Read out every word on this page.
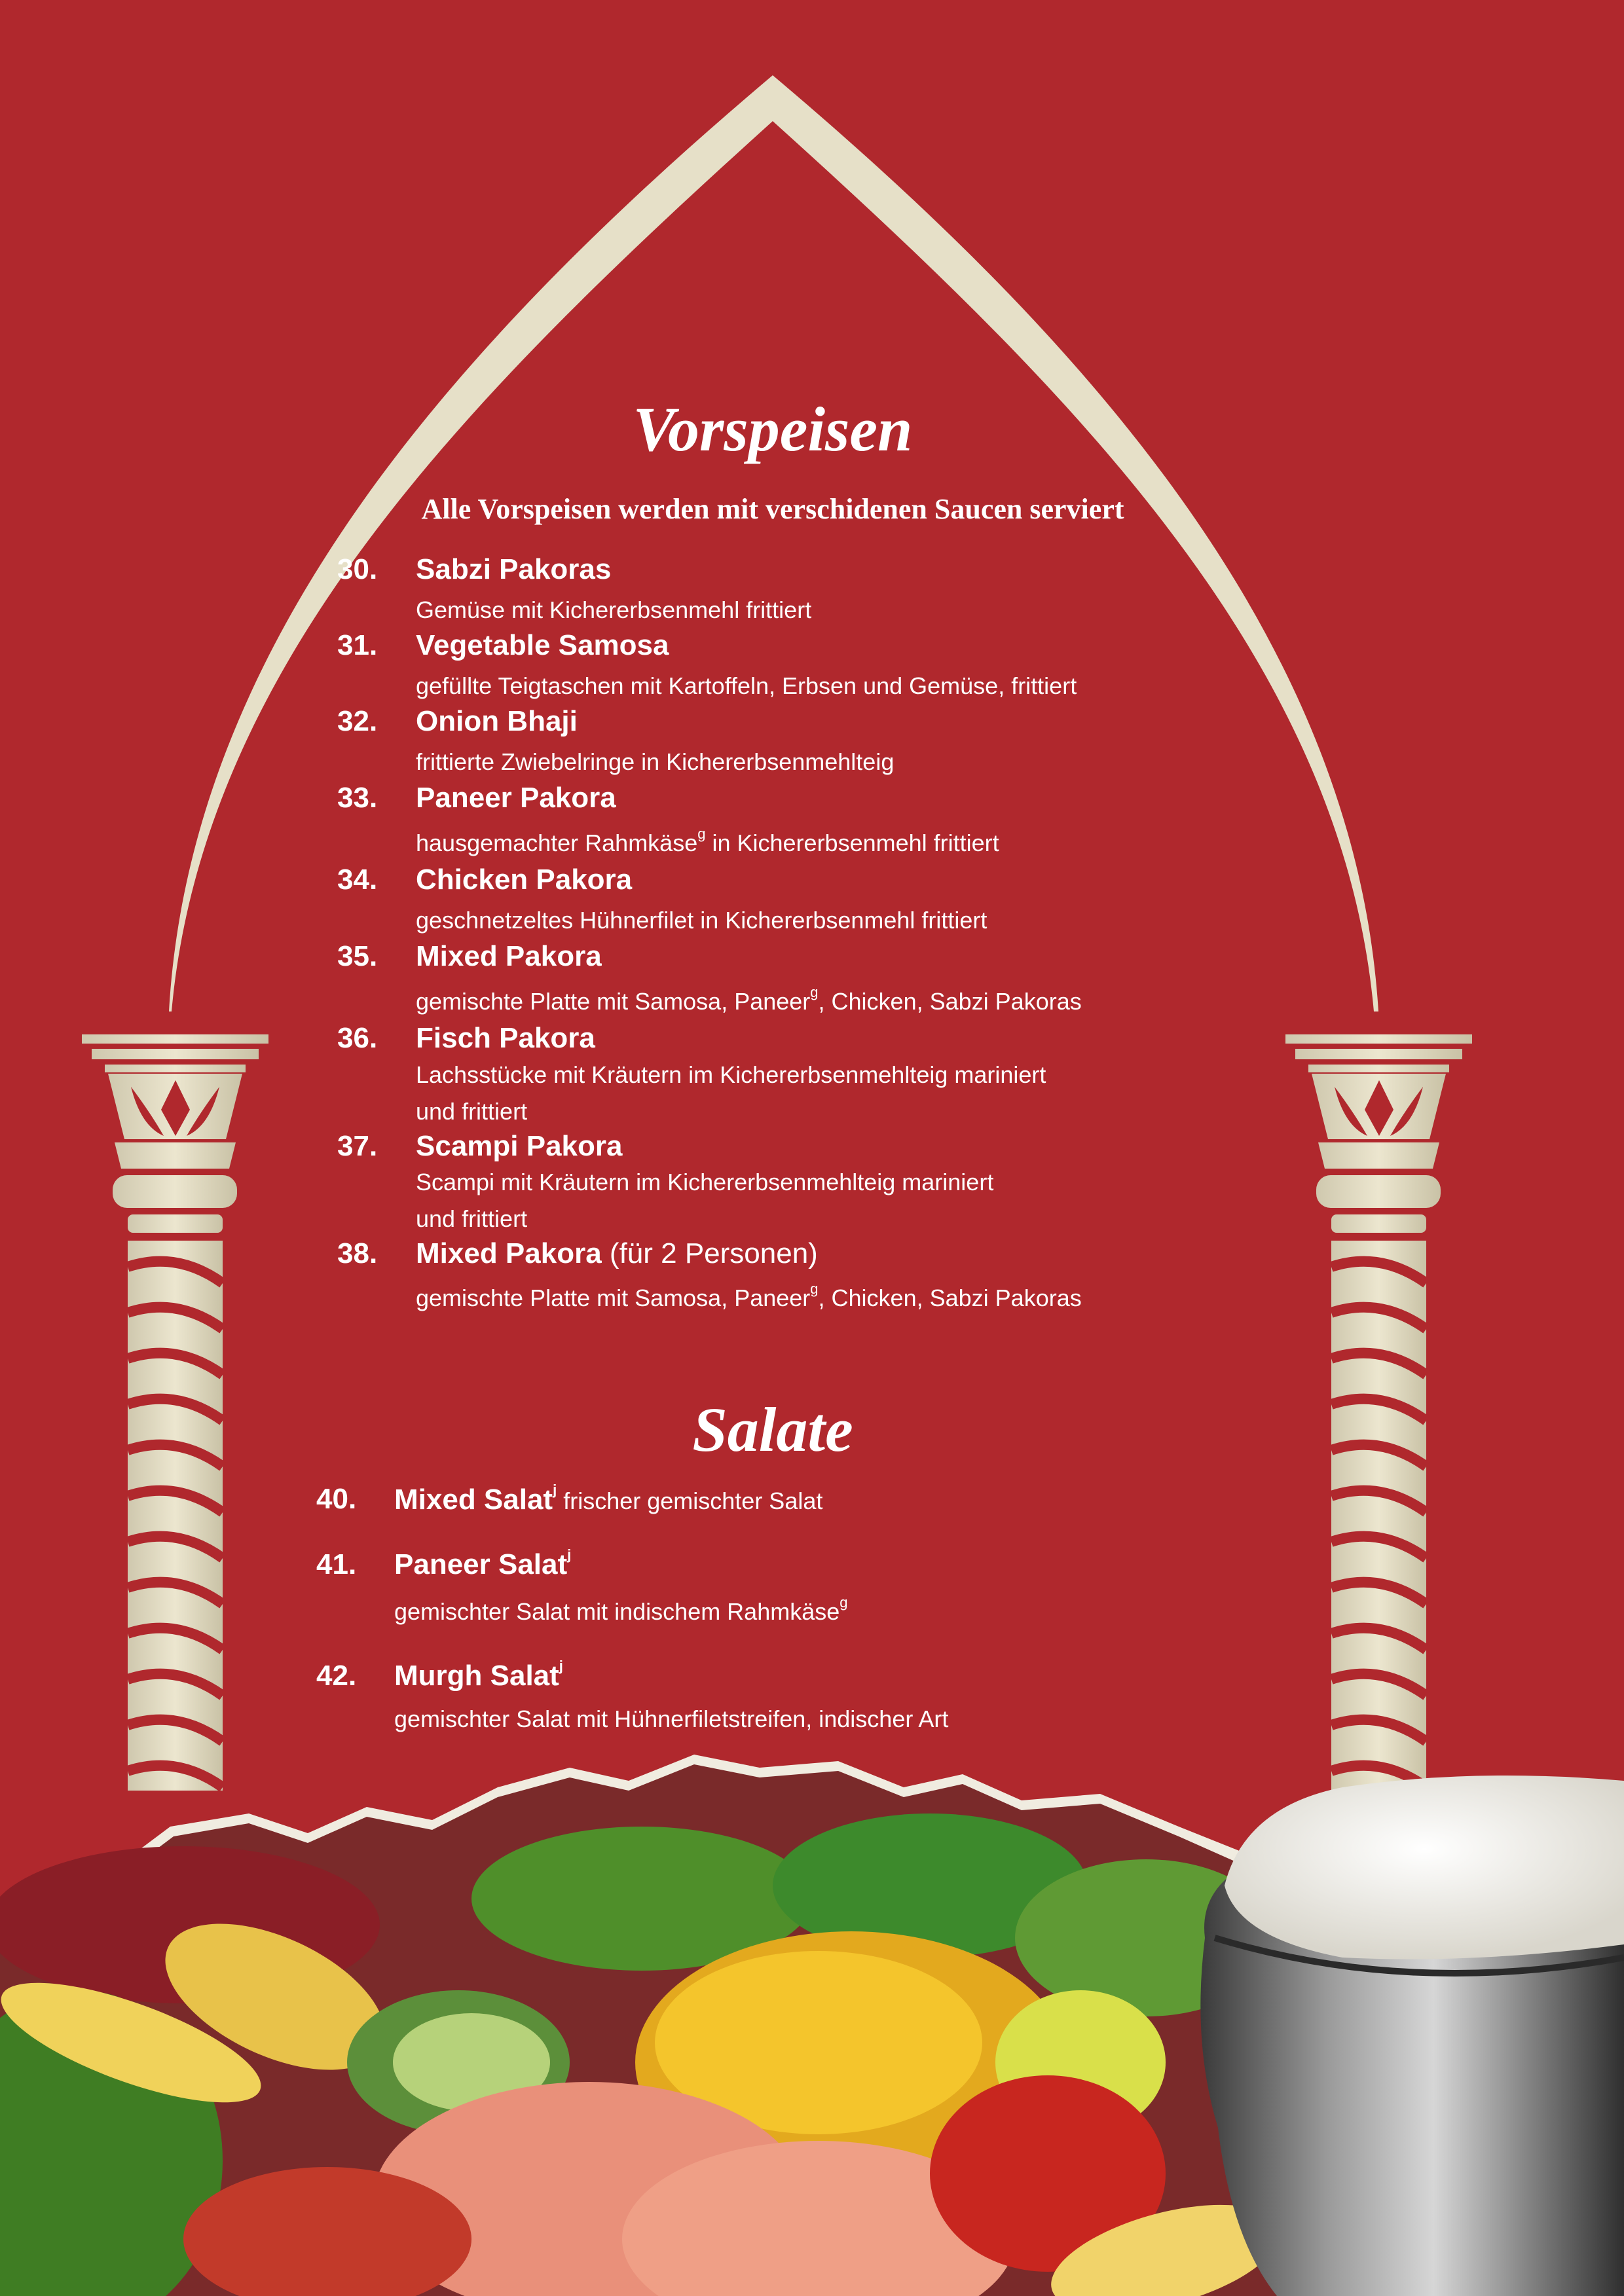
Vorspeisen
Alle Vorspeisen werden mit verschidenen Saucen serviert
30. Sabzi Pakoras
Gemüse mit Kichererbsenmehl frittiert
31. Vegetable Samosa
gefüllte Teigtaschen mit Kartoffeln, Erbsen und Gemüse, frittiert
32. Onion Bhaji
frittierte Zwiebelringe in Kichererbsenmehlteig
33. Paneer Pakora
hausgemachter Rahmkäse$^g$ in Kichererbsenmehl frittiert
34. Chicken Pakora
geschnetzeltes Hühnerfilet in Kichererbsenmehl frittiert
35. Mixed Pakora
gemischte Platte mit Samosa, Paneer$^g$, Chicken, Sabzi Pakoras
36. Fisch Pakora
Lachsstücke mit Kräutern im Kichererbsenmehlteig mariniert
und frittiert
37. Scampi Pakora
Scampi mit Kräutern im Kichererbsenmehlteig mariniert
und frittiert
38. Mixed Pakora (für 2 Personen)
gemischte Platte mit Samosa, Paneer$^g$, Chicken, Sabzi Pakoras
Salate
40. Mixed Salat$^j$ frischer gemischter Salat
41. Paneer Salat$^j$
gemischter Salat mit indischem Rahmkäse$^g$
42. Murgh Salat$^j$
gemischter Salat mit Hühnerfiletstreifen, indischer Art
